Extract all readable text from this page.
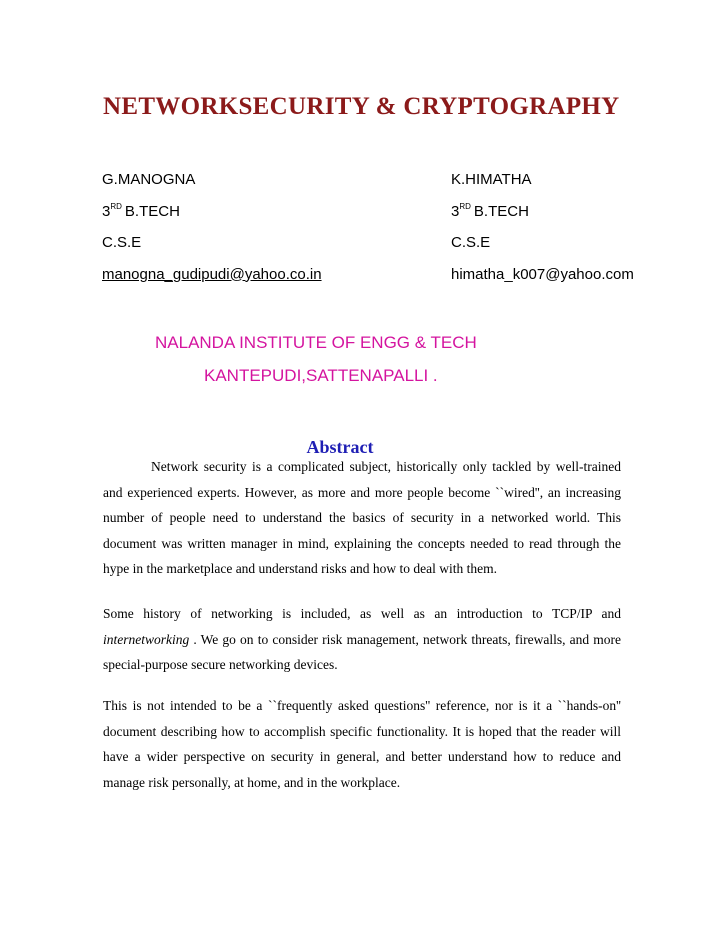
NETWORKSECURITY & CRYPTOGRAPHY
G.MANOGNA
3RD B.TECH
C.S.E
manogna_gudipudi@yahoo.co.in
K.HIMATHA
3RD B.TECH
C.S.E
himatha_k007@yahoo.com

NALANDA INSTITUTE OF ENGG & TECH

KANTEPUDI,SATTENAPALLI .

Abstract

Network security is a complicated subject, historically only tackled by well-trained and experienced experts. However, as more and more people become ``wired'', an increasing number of people need to understand the basics of security in a networked world. This document was written manager in mind, explaining the concepts needed to read through the hype in the marketplace and understand risks and how to deal with them.

Some history of networking is included, as well as an introduction to TCP/IP and internetworking . We go on to consider risk management, network threats, firewalls, and more special-purpose secure networking devices.

This is not intended to be a ``frequently asked questions'' reference, nor is it a ``hands-on'' document describing how to accomplish specific functionality. It is hoped that the reader will have a wider perspective on security in general, and better understand how to reduce and manage risk personally, at home, and in the workplace.
